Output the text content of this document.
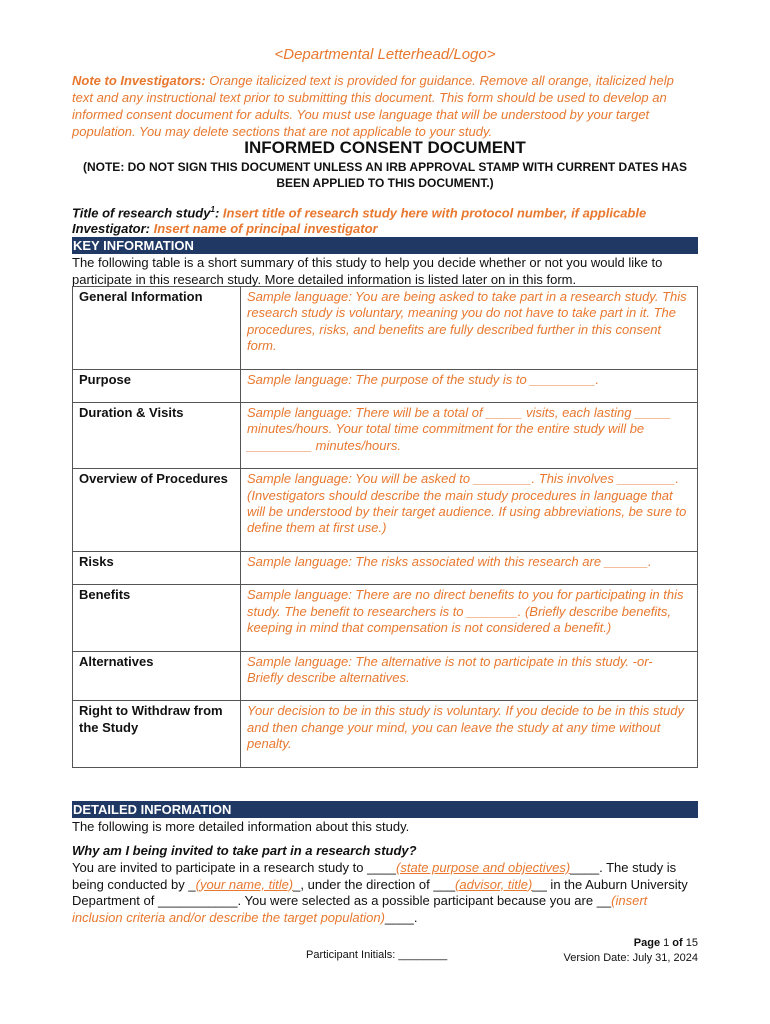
<Departmental Letterhead/Logo>
Note to Investigators: Orange italicized text is provided for guidance. Remove all orange, italicized help text and any instructional text prior to submitting this document. This form should be used to develop an informed consent document for adults. You must use language that will be understood by your target population. You may delete sections that are not applicable to your study.
INFORMED CONSENT DOCUMENT
(NOTE: DO NOT SIGN THIS DOCUMENT UNLESS AN IRB APPROVAL STAMP WITH CURRENT DATES HAS BEEN APPLIED TO THIS DOCUMENT.)
Title of research study$^1$: Insert title of research study here with protocol number, if applicable
Investigator: Insert name of principal investigator
KEY INFORMATION
The following table is a short summary of this study to help you decide whether or not you would like to participate in this research study. More detailed information is listed later on in this form.
General Information	Sample language: You are being asked to take part in a research study. This research study is voluntary, meaning you do not have to take part in it. The procedures, risks, and benefits are fully described further in this consent form.
Purpose	Sample language: The purpose of the study is to _________.
Duration & Visits	Sample language: There will be a total of _____ visits, each lasting _____ minutes/hours. Your total time commitment for the entire study will be _________ minutes/hours.
Overview of Procedures	Sample language: You will be asked to ________. This involves ________. (Investigators should describe the main study procedures in language that will be understood by their target audience. If using abbreviations, be sure to define them at first use.)
Risks	Sample language: The risks associated with this research are ______.
Benefits	Sample language: There are no direct benefits to you for participating in this study. The benefit to researchers is to _______. (Briefly describe benefits, keeping in mind that compensation is not considered a benefit.)
Alternatives	Sample language: The alternative is not to participate in this study. -or- Briefly describe alternatives.
Right to Withdraw from the Study	Your decision to be in this study is voluntary. If you decide to be in this study and then change your mind, you can leave the study at any time without penalty.
DETAILED INFORMATION
The following is more detailed information about this study.
Why am I being invited to take part in a research study?
You are invited to participate in a research study to ____(state purpose and objectives)____. The study is being conducted by _(your name, title)_, under the direction of ___(advisor, title)__ in the Auburn University Department of ___________. You were selected as a possible participant because you are __(insert inclusion criteria and/or describe the target population)____.
Participant Initials: ________
Page 1 of 15
Version Date: July 31, 2024
